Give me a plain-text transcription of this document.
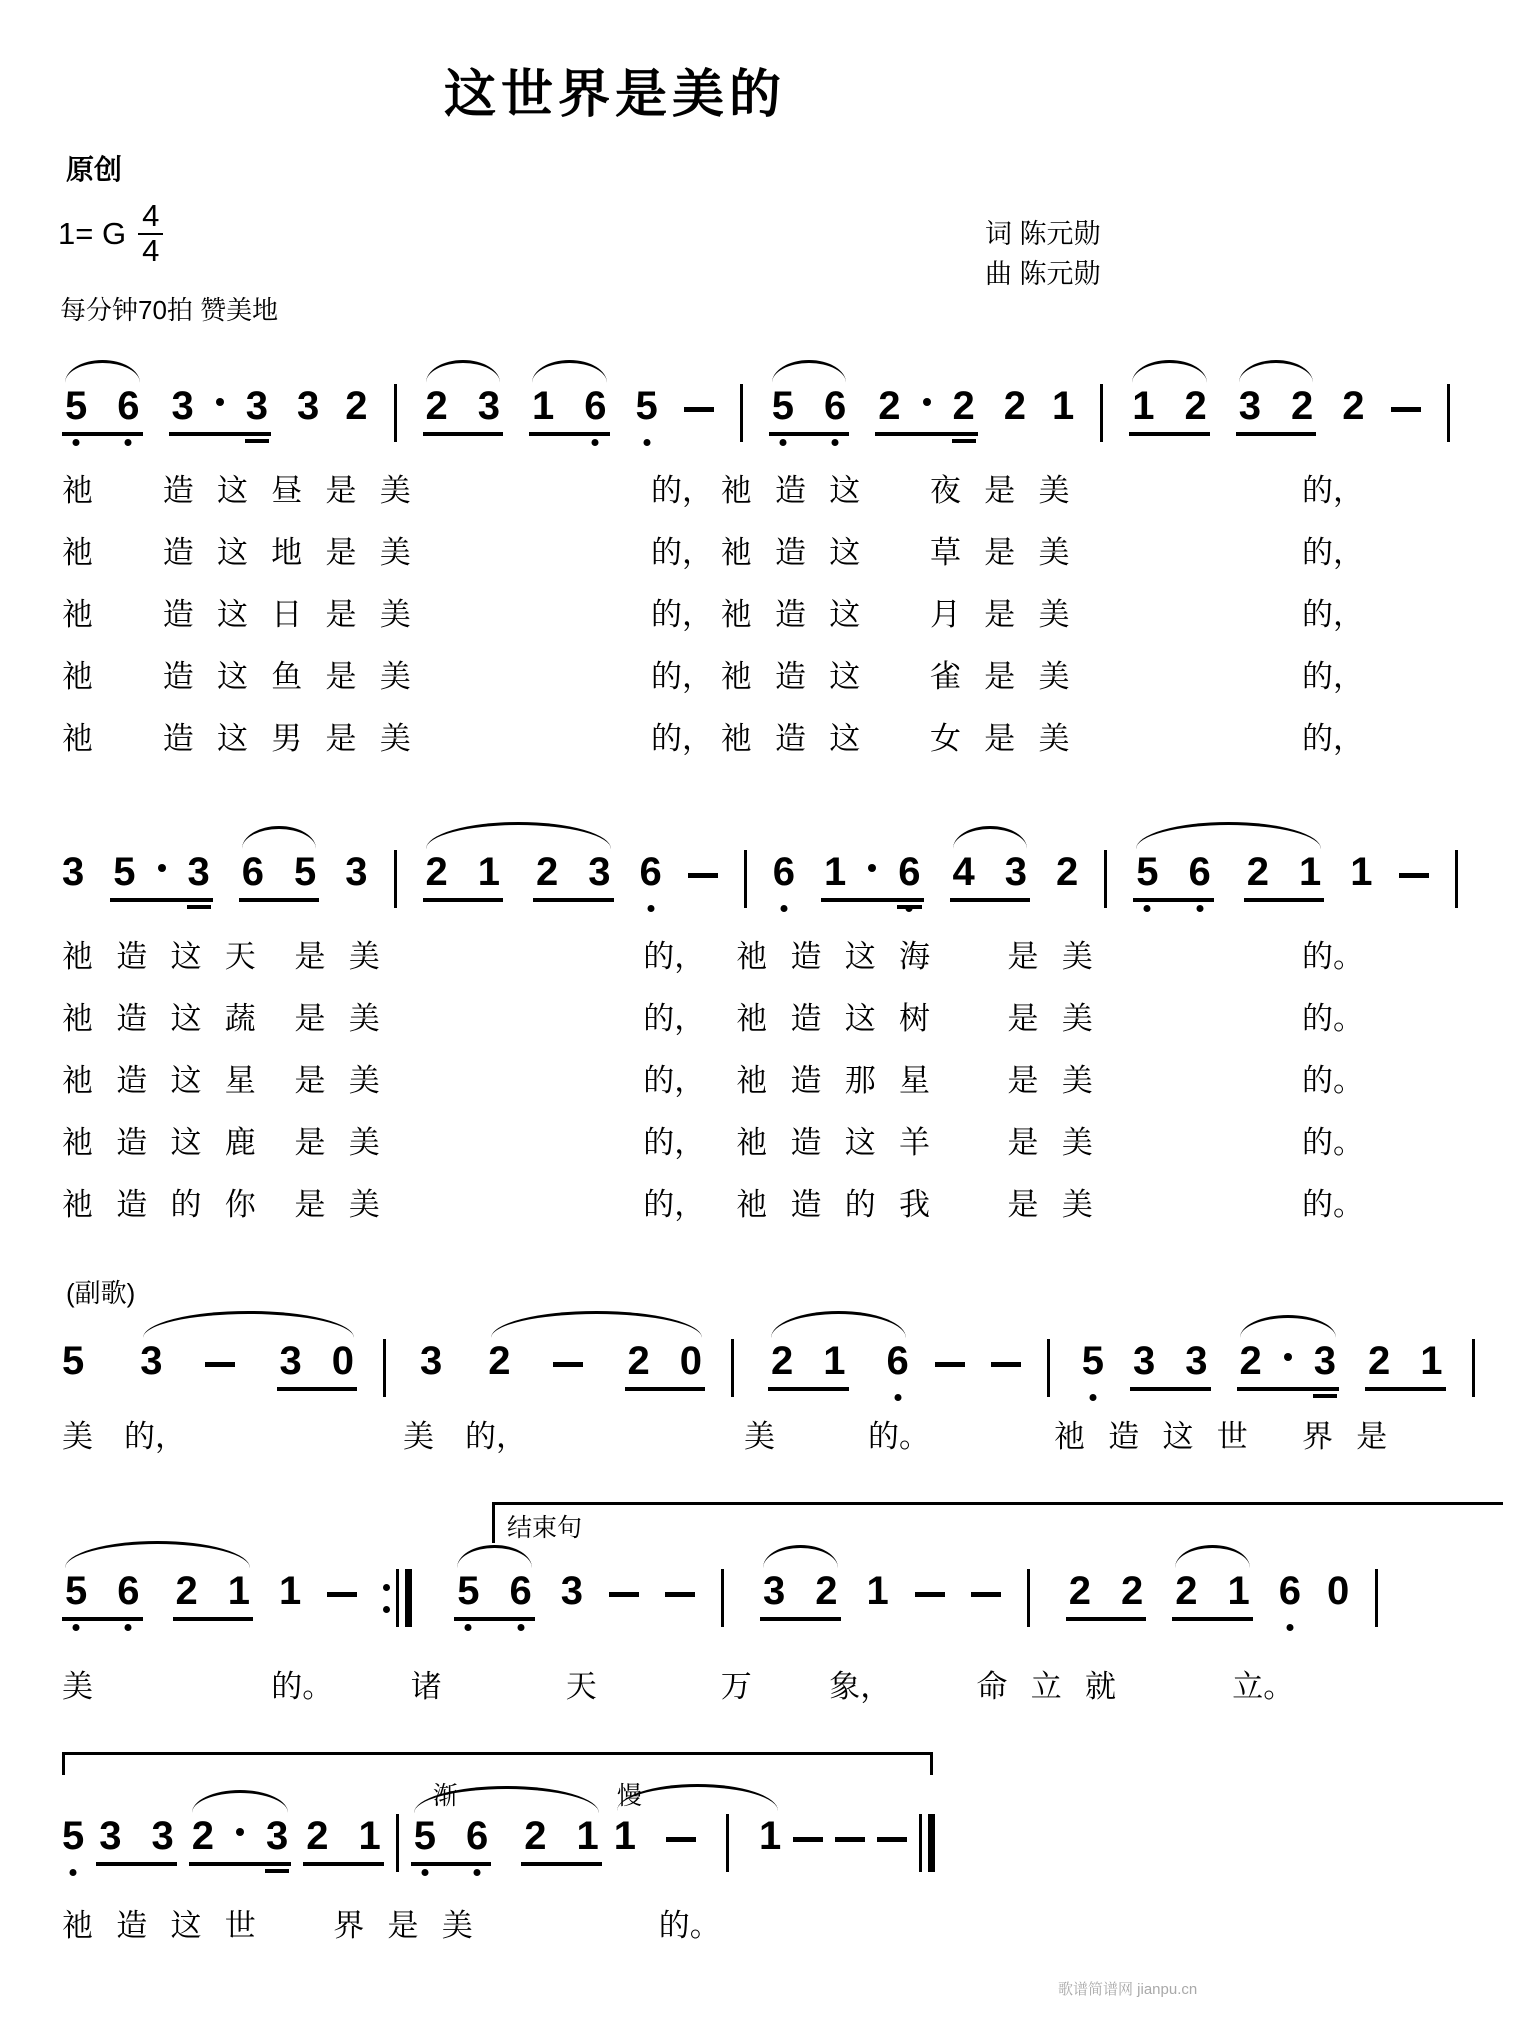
这世界是美的
原创
1= G $\frac{4}{4}$	词 陈元勋
曲 陈元勋
每分钟70拍 赞美地
5 6 3 3 3 2 2 3 1 6 5	5 6 2 2 2 1 1 2 3 2 2
祂         造   这   昼   是   美                               的， 祂   造   这         夜   是   美                              的，
祂         造   这   地   是   美                               的， 祂   造   这         草   是   美                              的，
祂         造   这   日   是   美                               的， 祂   造   这         月   是   美                              的，
祂         造   这   鱼   是   美                               的， 祂   造   这         雀   是   美                              的，
祂         造   这   男   是   美                               的， 祂   造   这         女   是   美                              的，
3 5 3 6 5 3 2 1 2 3 6	6 1 6 4 3 2 5 6 2 1 1
祂   造   这   天     是   美                                  的，    祂   造   这   海          是   美                           的。
祂   造   这   蔬     是   美                                  的，    祂   造   这   树          是   美                           的。
祂   造   这   星     是   美                                  的，    祂   造   那   星          是   美                           的。
祂   造   这   鹿     是   美                                  的，    祂   造   这   羊          是   美                           的。
祂   造   的   你     是   美                                  的，    祂   造   的   我          是   美                           的。
(副歌)
5 3	3 0 3 2	2 0 2 1 6	5 3 3 2 3 2 1
美    的，                            美    的，                            美            的。                祂   造   这   世       界   是
结束句
5 6 2 1 1	5 6 3	3 2 1	2 2 2 1 6 0
美                       的。          诸                天                万          象，           命   立   就               立。
渐	慢
5 3 3 2 3 2 1 5 6 2 1 1	1
祂   造   这   世          界   是   美                        的。
歌谱简谱网 jianpu.cn
